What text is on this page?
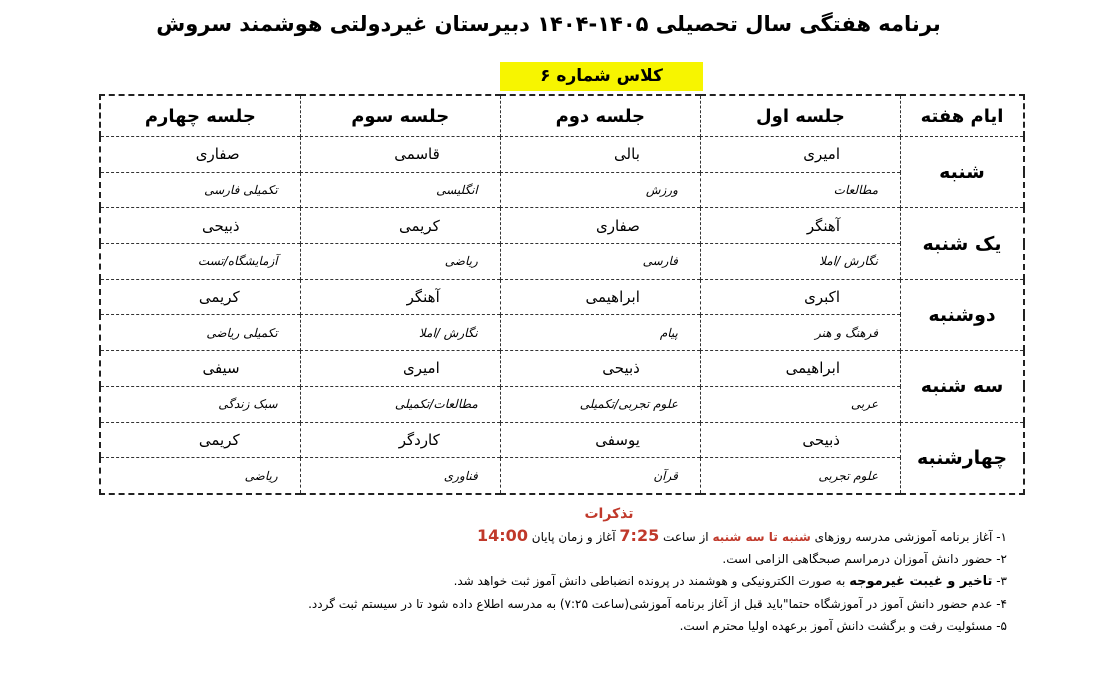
برنامه هفتگی سال تحصیلی ۱۴۰۵-۱۴۰۴ دبیرستان غیردولتی هوشمند سروش
کلاس شماره ۶
ایام هفته	جلسه اول	جلسه دوم	جلسه سوم	جلسه چهارم
شنبه	امیری	بالی	قاسمی	صفاری
	مطالعات	ورزش	انگلیسی	تکمیلی فارسی
یک شنبه	آهنگر	صفاری	کریمی	ذبیحی
	نگارش /املا	فارسی	ریاضی	آزمایشگاه/تست
دوشنبه	اکبری	ابراهیمی	آهنگر	کریمی
	فرهنگ و هنر	پیام	نگارش /املا	تکمیلی ریاضی
سه شنبه	ابراهیمی	ذبیحی	امیری	سیفی
	عربی	علوم تجربی/تکمیلی	مطالعات/تکمیلی	سبک زندگی
چهارشنبه	ذبیحی	یوسفی	کاردگر	کریمی
	علوم تجربی	قرآن	فناوری	ریاضی
تذکرات
۱- آغاز برنامه آموزشی مدرسه روزهای شنبه تا سه شنبه از ساعت 7:25 آغاز و زمان پایان 14:00
۲- حضور دانش آموزان درمراسم صبحگاهی الزامی است.
۳- تاخیر و غیبت غیرموجه به صورت الکترونیکی و هوشمند در پرونده انضباطی دانش آموز ثبت خواهد شد.
۴- عدم حضور دانش آموز در آموزشگاه حتما"باید قبل از آغاز برنامه آموزشی(ساعت ۷:۲۵) به مدرسه اطلاع داده شود تا در سیستم ثبت گردد.
۵- مسئولیت رفت و برگشت دانش آموز برعهده اولیا محترم است.
